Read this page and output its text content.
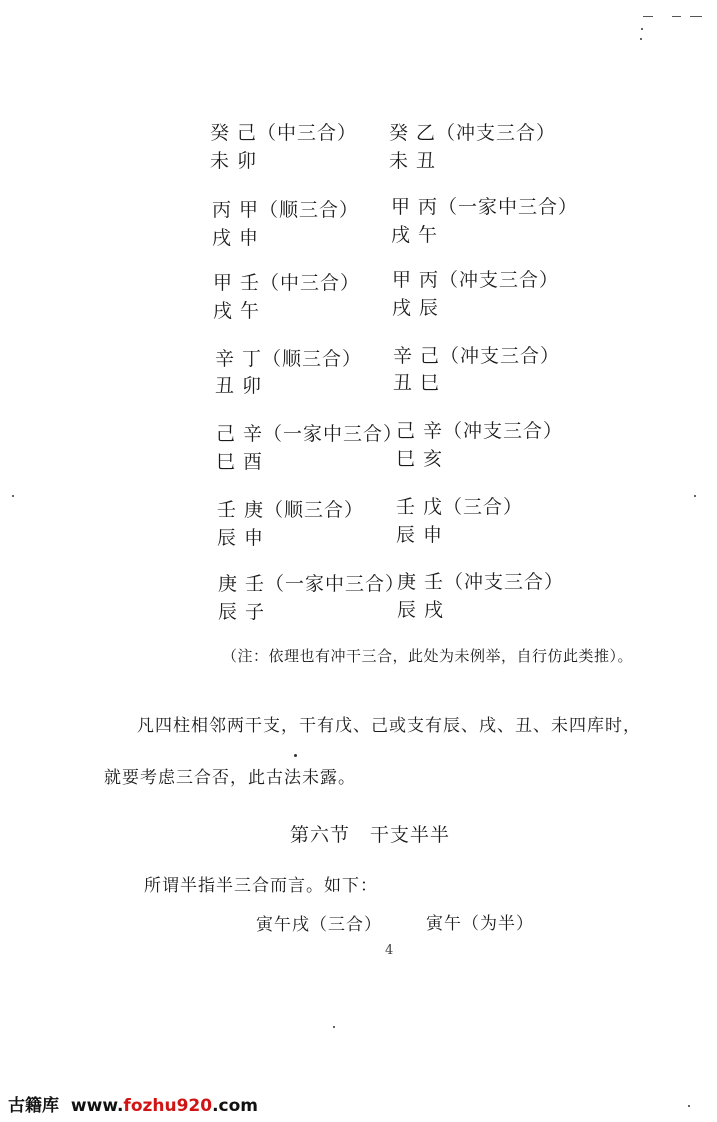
癸 己（中三合）
未 卯
癸 乙（冲支三合）
未 丑
丙 甲（顺三合）
戌 申
甲 丙（一家中三合）
戌 午
甲 壬（中三合）
戌 午
甲 丙（冲支三合）
戌 辰
辛 丁（顺三合）
丑 卯
辛 己（冲支三合）
丑 巳
己 辛（一家中三合）
巳 酉
己 辛（冲支三合）
巳 亥
壬 庚（顺三合）
辰 申
壬 戊（三合）
辰 申
庚 壬（一家中三合）
辰 子
庚 壬（冲支三合）
辰 戌
（注：依理也有冲干三合，此处为未例举，自行仿此类推）。
凡四柱相邻两干支，干有戊、己或支有辰、戌、丑、未四库时，
就要考虑三合否，此古法未露。
第六节　干支半半
所谓半指半三合而言。如下：
寅午戌（三合）	寅午（为半）
4
古籍库 www.fozhu920.com
